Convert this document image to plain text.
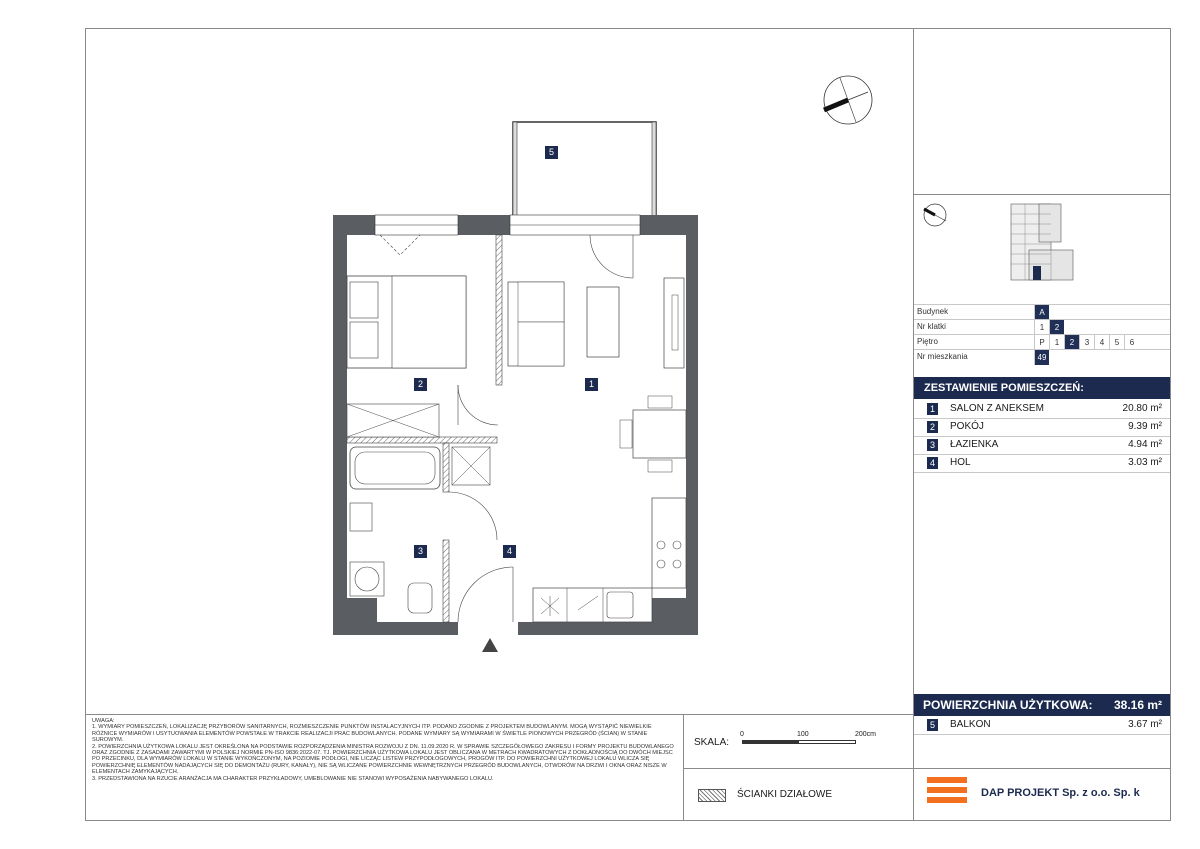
5
2	1
3	4
Budynek	A
Nr klatki	1	2
Piętro	P	1	2	3	4	5	6
Nr mieszkania	49
ZESTAWIENIE POMIESZCZEŃ:
1	SALON Z ANEKSEM	20.80 m²
2	POKÓJ	9.39 m²
3	ŁAZIENKA	4.94 m²
4	HOL	3.03 m²
POWIERZCHNIA UŻYTKOWA: 38.16 m²
5	BALKON	3.67 m²

UWAGA:

1. WYMIARY POMIESZCZEŃ, LOKALIZACJĘ PRZYBORÓW SANITARNYCH, ROZMIESZCZENIE PUNKTÓW INSTALACYJNYCH ITP. PODANO ZGODNIE Z PROJEKTEM BUDOWLANYM. MOGĄ WYSTĄPIĆ NIEWIELKIE RÓŻNICE WYMIARÓW I USYTUOWANIA ELEMENTÓW POWSTAŁE W TRAKCIE REALIZACJI PRAC BUDOWLANYCH. PODANE WYMIARY SĄ WYMIARAMI W ŚWIETLE PIONOWYCH PRZEGRÓD (ŚCIAN) W STANIE SUROWYM.

2. POWIERZCHNIA UŻYTKOWA LOKALU JEST OKREŚLONA NA PODSTAWIE ROZPORZĄDZENIA MINISTRA ROZWOJU Z DN. 11.09.2020 R. W SPRAWIE SZCZEGÓŁOWEGO ZAKRESU I FORMY PROJEKTU BUDOWLANEGO ORAZ ZGODNIE Z ZASADAMI ZAWARTYMI W POLSKIEJ NORMIE PN-ISO 9836:2022-07. TJ. POWIERZCHNIA UŻYTKOWA LOKALU JEST OBLICZANA W METRACH KWADRATOWYCH Z DOKŁADNOŚCIĄ DO DWÓCH MIEJSC PO PRZECINKU, DLA WYMIARÓW LOKALU W STANIE WYKOŃCZONYM, NA POZIOMIE PODŁOGI, NIE LICZĄC LISTEW PRZYPODŁOGOWYCH, PROGÓW ITP. DO POWIERZCHNI UŻYTKOWEJ LOKALU WLICZA SIĘ POWIERZCHNIĘ ELEMENTÓW NADAJĄCYCH SIĘ DO DEMONTAŻU (RURY, KANAŁY), NIE SĄ WLICZANE POWIERZCHNIE WEWNĘTRZNYCH PRZEGRÓD BUDOWLANYCH, OTWORÓW NA DRZWI I OKNA ORAZ NISZE W ELEMENTACH ZAMYKAJĄCYCH.

3. PRZEDSTAWIONA NA RZUCIE ARANŻACJA MA CHARAKTER PRZYKŁADOWY, UMEBLOWANIE NIE STANOWI WYPOSAŻENIA NABYWANEGO LOKALU.

SKALA:
0	100	200cm
ŚCIANKI DZIAŁOWE	DAP PROJEKT Sp. z o.o. Sp. k
